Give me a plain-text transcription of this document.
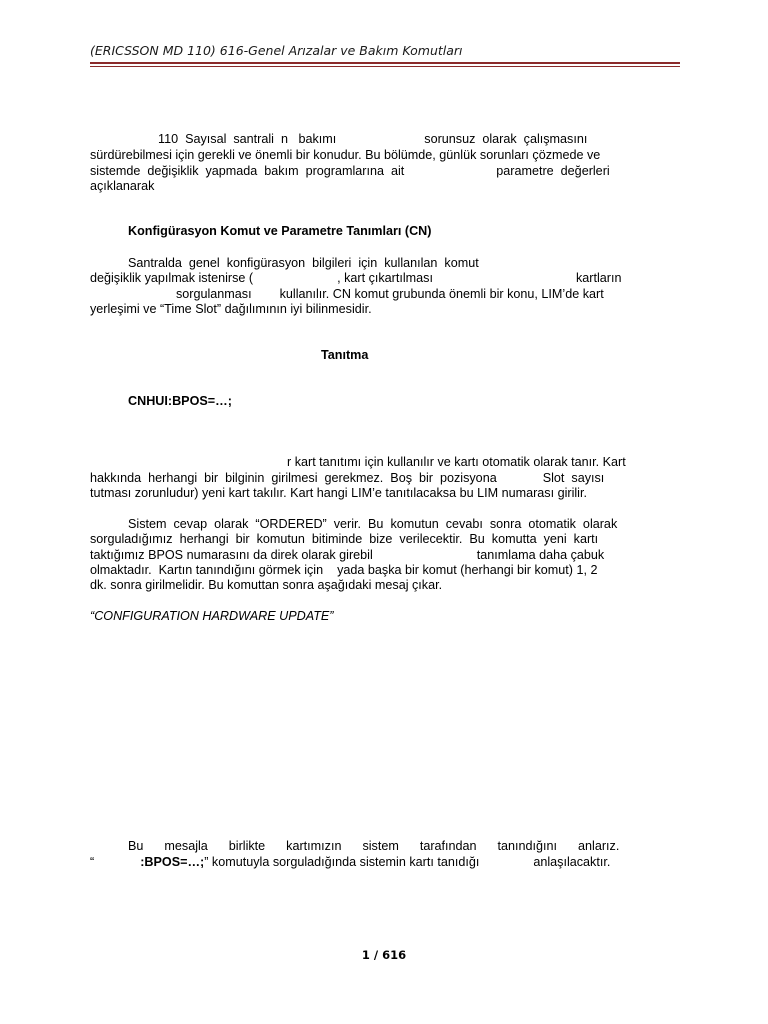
(ERICSSON MD 110) 616-Genel Arızalar ve Bakım Komutları
110  Sayısal  santrali  n   bakımı	sorunsuz  olarak  çalışmasını
sürdürebilmesi için gerekli ve önemli bir konudur. Bu bölümde, günlük sorunları çözmede ve
sistemde  değişiklik  yapmada  bakım  programlarına  ait	parametre  değerleri
açıklanarak
Konfigürasyon Komut ve Parametre Tanımları (CN)
Santralda  genel  konfigürasyon  bilgileri  için  kullanılan  komut
değişiklik yapılmak istenirse (	, kart çıkartılması	kartların
sorgulanması kullanılır. CN komut grubunda önemli bir konu, LIM’de kart
yerleşimi ve “Time Slot” dağılımının iyi bilinmesidir.
Tanıtma
CNHUI:BPOS=…;
r kart tanıtımı için kullanılır ve kartı otomatik olarak tanır. Kart
hakkında  herhangi  bir  bilginin  girilmesi  gerekmez.  Boş  bir  pozisyona	Slot  sayısı
tutması zorunludur) yeni kart takılır. Kart hangi LIM’e tanıtılacaksa bu LIM numarası girilir.
Sistem  cevap  olarak  “ORDERED”  verir.  Bu  komutun  cevabı  sonra  otomatik  olarak
sorguladığımız  herhangi  bir  komutun  bitiminde  bize  verilecektir.  Bu  komutta  yeni  kartı
taktığımız BPOS numarasını da direk olarak girebil	tanımlama daha çabuk
olmaktadır.  Kartın tanındığını görmek için    yada başka bir komut (herhangi bir komut) 1, 2
dk. sonra girilmelidir. Bu komuttan sonra aşağıdaki mesaj çıkar.
“CONFIGURATION HARDWARE UPDATE”
Bu      mesajla      birlikte      kartımızın      sistem      tarafından      tanındığını      anlarız.
“	:BPOS=…;” komutuyla sorguladığında sistemin kartı tanıdığı	anlaşılacaktır.
1 / 616
